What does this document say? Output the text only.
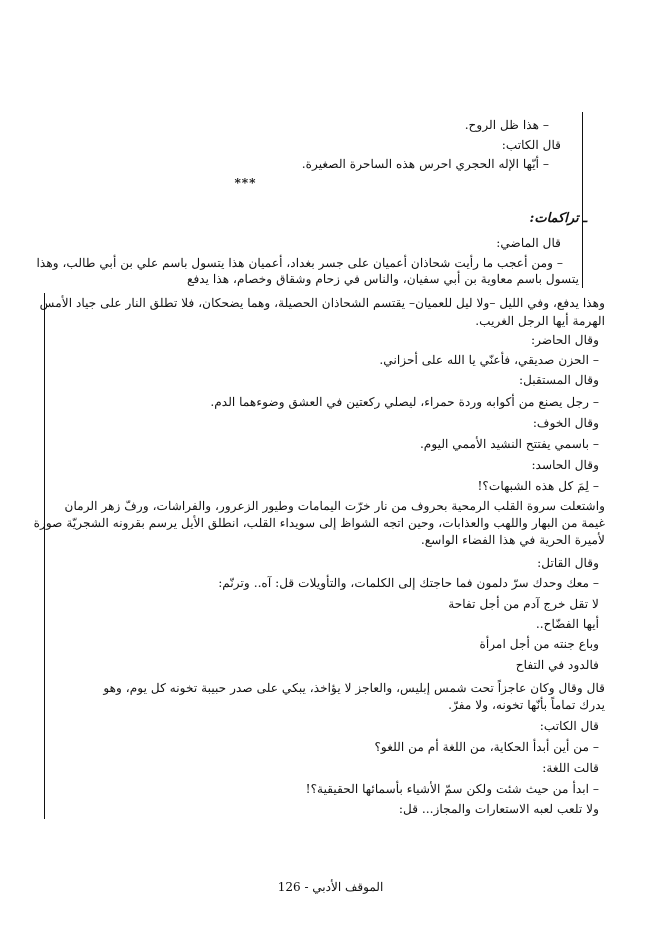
– هذا ظل الروح.
قال الكاتب:
– أيّها الإله الحجري احرس هذه الساحرة الصغيرة.
***
ـ تراكمات:
قال الماضي:
– ومن أعجب ما رأيت شحاذان أعميان على جسر بغداد، أعميان هذا يتسول باسم علي بن أبي طالب، وهذا
يتسول باسم معاوية بن أبي سفيان، والناس في زحام وشقاق وخصام، هذا يدفع
وهذا يدفع، وفي الليل –ولا ليل للعميان– يقتسم الشحاذان الحصيلة، وهما يضحكان، فلا تطلق النار على جياد الأمس
الهرمة أيها الرجل الغريب.
وقال الحاضر:
– الحزن صديقي، فأعنّي يا الله على أحزاني.
وقال المستقبل:
– رجل يصنع من أكوابه وردة حمراء، ليصلي ركعتين في العشق وضوءهما الدم.
وقال الخوف:
– باسمي يفتتح النشيد الأممي اليوم.
وقال الحاسد:
– لِمَ كل هذه الشبهات؟!
واشتعلت سروة القلب الرمحية بحروف من نار خرّت اليمامات وطيور الزعرور، والفراشات، ورفّ زهر الرمان
غيمة من البهار واللهب والعذابات، وحين اتجه الشواظ إلى سويداء القلب، انطلق الأيل يرسم بقرونه الشجريّة صورة
لأميرة الحرية في هذا الفضاء الواسع.
وقال القاتل:
– معك وحدك سرّ دلمون فما حاجتك إلى الكلمات، والتأويلات قل: آه.. وترنّم:
لا تقل خرج آدم من أجل تفاحة
أيها الفضّاح..
وباع جنته من أجل امرأة
فالدود في التفاح
قال وقال وكان عاجزاً تحت شمس إبليس، والعاجز لا يؤاخذ، يبكي على صدر حبيبة تخونه كل يوم، وهو
يدرك تماماً بأنّها تخونه، ولا مفرّ.
قال الكاتب:
– من أين أبدأ الحكاية، من اللغة أم من اللغو؟
قالت اللغة:
– ابدأ من حيث شئت ولكن سمّ الأشياء بأسمائها الحقيقية؟!
ولا تلعب لعبه الاستعارات والمجاز... قل:
الموقف الأدبي - 126
